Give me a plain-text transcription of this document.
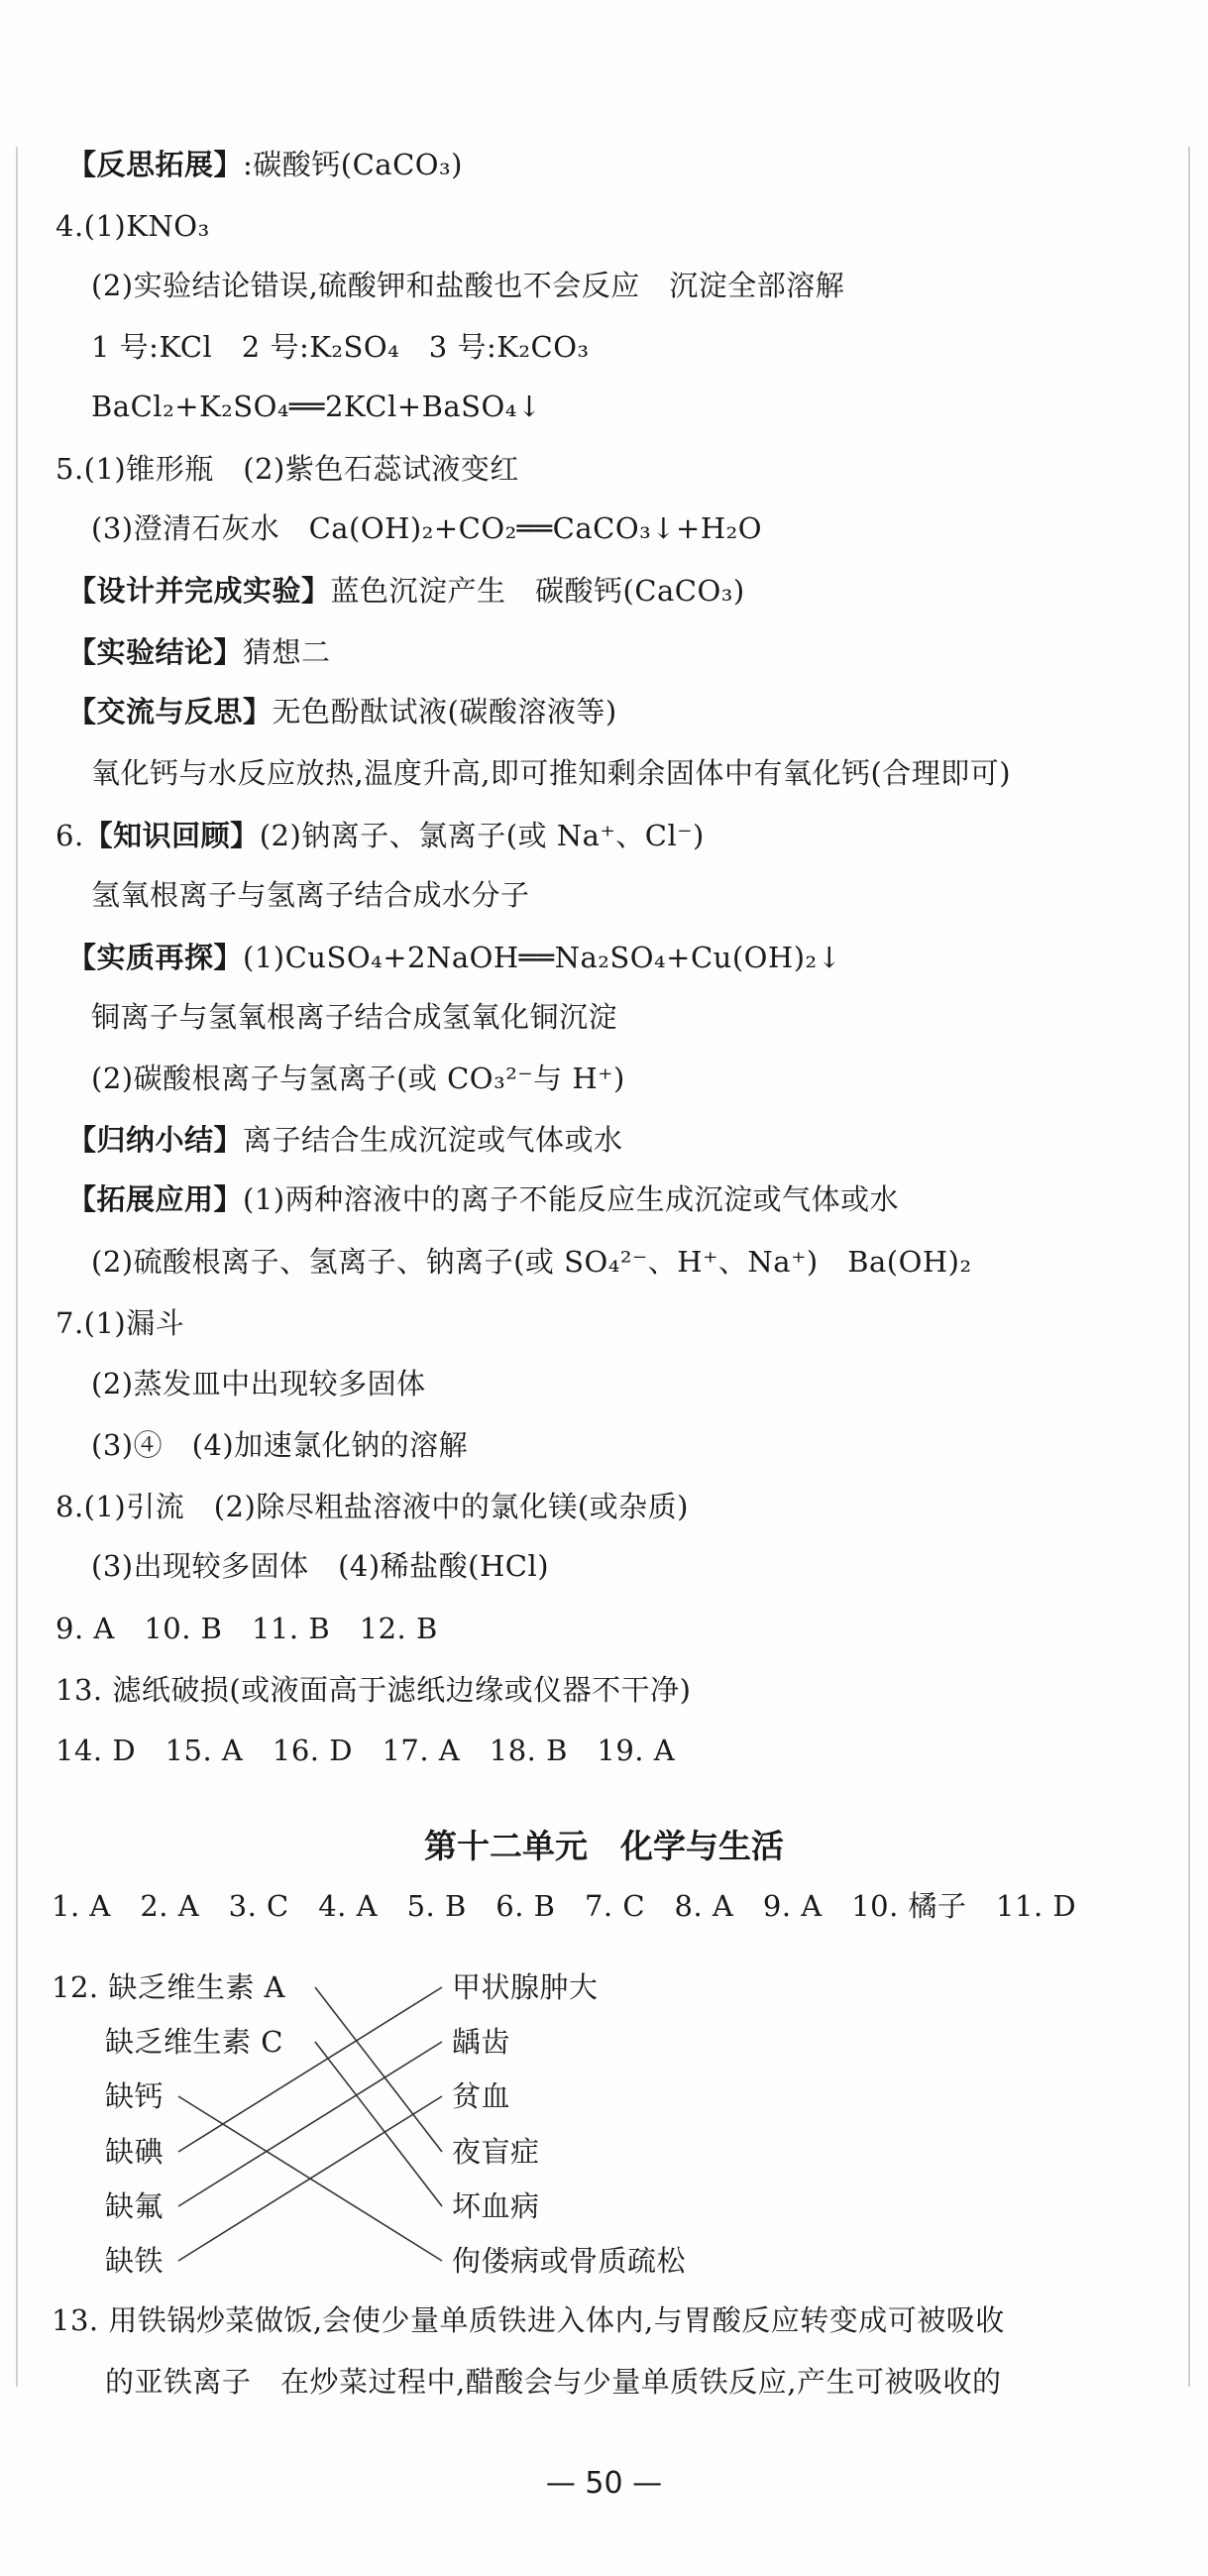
【反思拓展】:碳酸钙(CaCO₃)
4.(1)KNO₃
(2)实验结论错误,硫酸钾和盐酸也不会反应　沉淀全部溶解
1 号:KCl　2 号:K₂SO₄　3 号:K₂CO₃
BaCl₂+K₂SO₄══2KCl+BaSO₄↓
5.(1)锥形瓶　(2)紫色石蕊试液变红
(3)澄清石灰水　Ca(OH)₂+CO₂══CaCO₃↓+H₂O
【设计并完成实验】蓝色沉淀产生　碳酸钙(CaCO₃)
【实验结论】猜想二
【交流与反思】无色酚酞试液(碳酸溶液等)
氧化钙与水反应放热,温度升高,即可推知剩余固体中有氧化钙(合理即可)
6.【知识回顾】(2)钠离子、氯离子(或 Na⁺、Cl⁻)
氢氧根离子与氢离子结合成水分子
【实质再探】(1)CuSO₄+2NaOH══Na₂SO₄+Cu(OH)₂↓
铜离子与氢氧根离子结合成氢氧化铜沉淀
(2)碳酸根离子与氢离子(或 CO₃²⁻与 H⁺)
【归纳小结】离子结合生成沉淀或气体或水
【拓展应用】(1)两种溶液中的离子不能反应生成沉淀或气体或水
(2)硫酸根离子、氢离子、钠离子(或 SO₄²⁻、H⁺、Na⁺)　Ba(OH)₂
7.(1)漏斗
(2)蒸发皿中出现较多固体
(3)④　(4)加速氯化钠的溶解
8.(1)引流　(2)除尽粗盐溶液中的氯化镁(或杂质)
(3)出现较多固体　(4)稀盐酸(HCl)
9. A　10. B　11. B　12. B
13. 滤纸破损(或液面高于滤纸边缘或仪器不干净)
14. D　15. A　16. D　17. A　18. B　19. A
1. A　2. A　3. C　4. A　5. B　6. B　7. C　8. A　9. A　10. 橘子　11. D
12. 缺乏维生素 A
缺乏维生素 C
缺钙
缺碘
缺氟
缺铁
甲状腺肿大
龋齿
贫血
夜盲症
坏血病
佝偻病或骨质疏松
13. 用铁锅炒菜做饭,会使少量单质铁进入体内,与胃酸反应转变成可被吸收
的亚铁离子　在炒菜过程中,醋酸会与少量单质铁反应,产生可被吸收的
第十二单元　化学与生活
— 50 —
